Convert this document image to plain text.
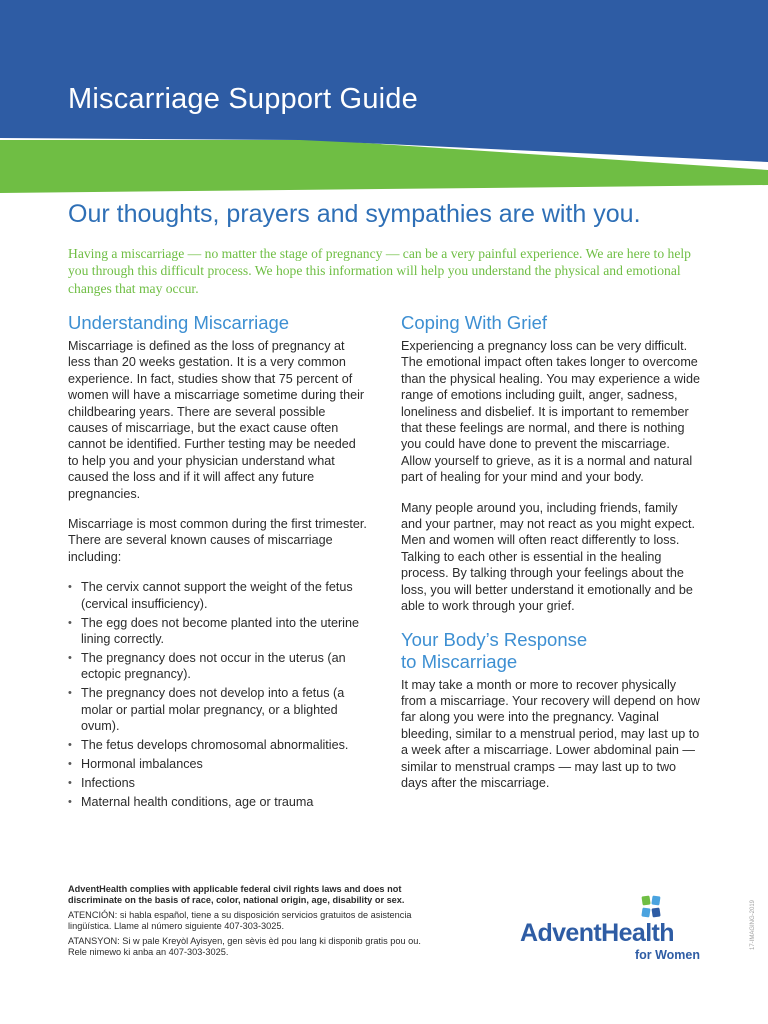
Miscarriage Support Guide
Our thoughts, prayers and sympathies are with you.

Having a miscarriage — no matter the stage of pregnancy — can be a very painful experience. We are here to help you through this difficult process. We hope this information will help you understand the physical and emotional changes that may occur.

Understanding Miscarriage

Miscarriage is defined as the loss of pregnancy at less than 20 weeks gestation. It is a very common experience. In fact, studies show that 75 percent of women will have a miscarriage sometime during their childbearing years. There are several possible causes of miscarriage, but the exact cause often cannot be identified. Further testing may be needed to help you and your physician understand what caused the loss and if it will affect any future pregnancies.

Miscarriage is most common during the first trimester. There are several known causes of miscarriage including:

• The cervix cannot support the weight of the fetus (cervical insufficiency).
• The egg does not become planted into the uterine lining correctly.
• The pregnancy does not occur in the uterus (an ectopic pregnancy).
• The pregnancy does not develop into a fetus (a molar or partial molar pregnancy, or a blighted ovum).
• The fetus develops chromosomal abnormalities.
• Hormonal imbalances
• Infections
• Maternal health conditions, age or trauma
Coping With Grief

Experiencing a pregnancy loss can be very difficult. The emotional impact often takes longer to overcome than the physical healing. You may experience a wide range of emotions including guilt, anger, sadness, loneliness and disbelief. It is important to remember that these feelings are normal, and there is nothing you could have done to prevent the miscarriage. Allow yourself to grieve, as it is a normal and natural part of healing for your mind and your body.

Many people around you, including friends, family and your partner, may not react as you might expect. Men and women will often react differently to loss. Talking to each other is essential in the healing process. By talking through your feelings about the loss, you will better understand it emotionally and be able to work through your grief.

Your Body’s Response
to Miscarriage

It may take a month or more to recover physically from a miscarriage. Your recovery will depend on how far along you were into the pregnancy. Vaginal bleeding, similar to a menstrual period, may last up to a week after a miscarriage. Lower abdominal pain — similar to menstrual cramps — may last up to two days after the miscarriage.

AdventHealth complies with applicable federal civil rights laws and does not discriminate on the basis of race, color, national origin, age, disability or sex.
ATENCIÓN: si habla español, tiene a su disposición servicios gratuitos de asistencia lingüística. Llame al número siguiente 407-303-3025.
ATANSYON: Si w pale Kreyòl Ayisyen, gen sèvis èd pou lang ki disponib gratis pou ou. Rele nimewo ki anba an 407-303-3025.
AdventHealth
for Women
17-IMAGING-2019
